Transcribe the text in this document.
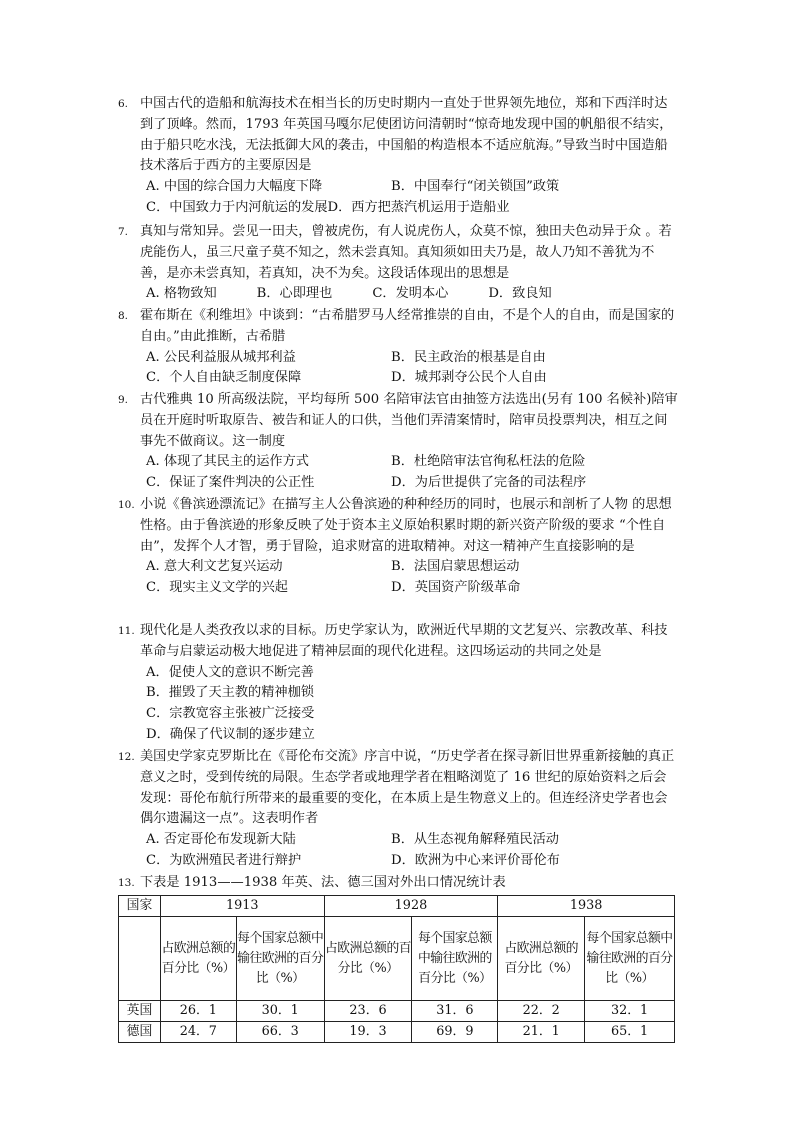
6. 中国古代的造船和航海技术在相当长的历史时期内一直处于世界领先地位，郑和下西洋时达到了顶峰。然而，1793 年英国马嘎尔尼使团访问清朝时“惊奇地发现中国的帆船很不结实，由于船只吃水浅，无法抵御大风的袭击，中国船的构造根本不适应航海。”导致当时中国造船技术落后于西方的主要原因是
A. 中国的综合国力大幅度下降	B．中国奉行“闭关锁国”政策
C．中国致力于内河航运的发展 D．西方把蒸汽机运用于造船业
7. 真知与常知异。尝见一田夫，曾被虎伤，有人说虎伤人，众莫不惊，独田夫色动异于众 。若虎能伤人，虽三尺童子莫不知之，然未尝真知。真知须如田夫乃是，故人乃知不善犹为不善，是亦未尝真知，若真知，决不为矣。这段话体现出的思想是
A. 格物致知	B．心即理也	C．发明本心	D．致良知
8. 霍布斯在《利维坦》中谈到：“古希腊罗马人经常推崇的自由，不是个人的自由，而是国家的自由。”由此推断，古希腊
A. 公民利益服从城邦利益	B．民主政治的根基是自由
C．个人自由缺乏制度保障	D．城邦剥夺公民个人自由
9. 古代雅典 10 所高级法院，平均每所 500 名陪审法官由抽签方法选出(另有 100 名候补)陪审员在开庭时听取原告、被告和证人的口供，当他们弄清案情时，陪审员投票判决，相互之间事先不做商议。这一制度
A. 体现了其民主的运作方式	B．杜绝陪审法官徇私枉法的危险
C．保证了案件判决的公正性	D．为后世提供了完备的司法程序
10. 小说《鲁滨逊漂流记》在描写主人公鲁滨逊的种种经历的同时，也展示和剖析了人物 的思想性格。由于鲁滨逊的形象反映了处于资本主义原始积累时期的新兴资产阶级的要求 “个性自由”，发挥个人才智，勇于冒险，追求财富的进取精神。对这一精神产生直接影响的是
A. 意大利文艺复兴运动	B．法国启蒙思想运动
C．现实主义文学的兴起	D．英国资产阶级革命
11. 现代化是人类孜孜以求的目标。历史学家认为，欧洲近代早期的文艺复兴、宗教改革、科技革命与启蒙运动极大地促进了精神层面的现代化进程。这四场运动的共同之处是
A．促使人文的意识不断完善
B．摧毁了天主教的精神枷锁
C．宗教宽容主张被广泛接受
D．确保了代议制的逐步建立
12. 美国史学家克罗斯比在《哥伦布交流》序言中说，“历史学者在探寻新旧世界重新接触的真正意义之时，受到传统的局限。生态学者或地理学者在粗略浏览了 16 世纪的原始资料之后会发现：哥伦布航行所带来的最重要的变化，在本质上是生物意义上的。但连经济史学者也会偶尔遗漏这一点”。这表明作者
A. 否定哥伦布发现新大陆	B．从生态视角解释殖民活动
C．为欧洲殖民者进行辩护	D．欧洲为中心来评价哥伦布
13. 下表是 1913——1938 年英、法、德三国对外出口情况统计表
国家	1913		1928		1938	
	占欧洲总额的百分比（%）	每个国家总额中输往欧洲的百分比（%）	占欧洲总额的百分比（%）	每个国家总额中输往欧洲的百分比（%）	占欧洲总额的百分比（%）	每个国家总额中输往欧洲的百分比（%）
英国	26．1	30．1	23．6	31．6	22．2	32．1
德国	24．7	66．3	19．3	69．9	21．1	65．1
